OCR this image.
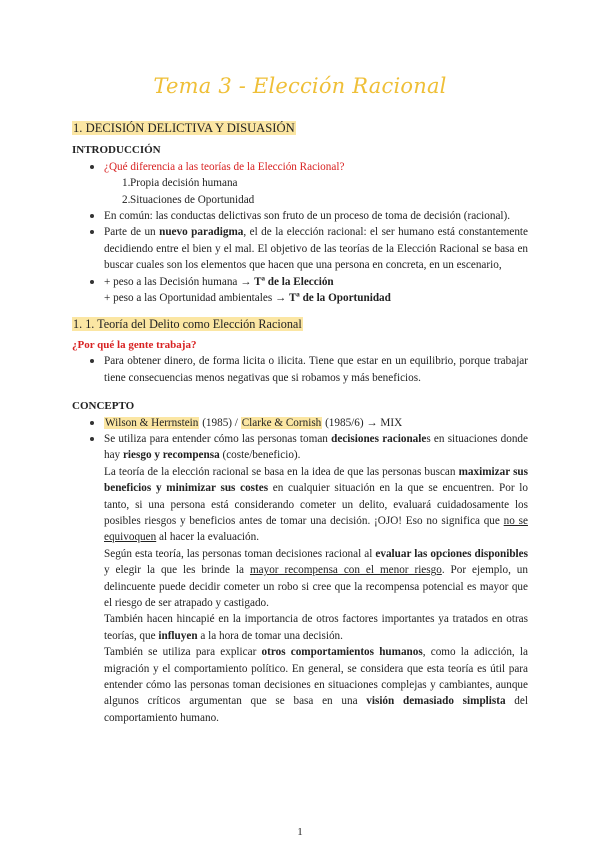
Tema 3 - Elección Racional
1. DECISIÓN DELICTIVA Y DISUASIÓN
INTRODUCCIÓN
¿Qué diferencia a las teorías de la Elección Racional?
1. Propia decisión humana
2. Situaciones de Oportunidad
En común: las conductas delictivas son fruto de un proceso de toma de decisión (racional).
Parte de un nuevo paradigma, el de la elección racional: el ser humano está constantemente decidiendo entre el bien y el mal. El objetivo de las teorías de la Elección Racional se basa en buscar cuales son los elementos que hacen que una persona en concreta, en un escenario,
+ peso a las Decisión humana → Tª de la Elección
+ peso a las Oportunidad ambientales → Tª de la Oportunidad
1. 1. Teoría del Delito como Elección Racional
¿Por qué la gente trabaja?
Para obtener dinero, de forma licita o ilicita. Tiene que estar en un equilibrio, porque trabajar tiene consecuencias menos negativas que si robamos y más beneficios.
CONCEPTO
Wilson & Herrnstein (1985) / Clarke & Cornish (1985/6) → MIX
Se utiliza para entender cómo las personas toman decisiones racionales en situaciones donde hay riesgo y recompensa (coste/beneficio).
La teoría de la elección racional se basa en la idea de que las personas buscan maximizar sus beneficios y minimizar sus costes en cualquier situación en la que se encuentren. Por lo tanto, si una persona está considerando cometer un delito, evaluará cuidadosamente los posibles riesgos y beneficios antes de tomar una decisión. ¡OJO! Eso no significa que no se equivoquen al hacer la evaluación.
Según esta teoría, las personas toman decisiones racional al evaluar las opciones disponibles y elegir la que les brinde la mayor recompensa con el menor riesgo. Por ejemplo, un delincuente puede decidir cometer un robo si cree que la recompensa potencial es mayor que el riesgo de ser atrapado y castigado.
También hacen hincapié en la importancia de otros factores importantes ya tratados en otras teorías, que influyen a la hora de tomar una decisión.
También se utiliza para explicar otros comportamientos humanos, como la adicción, la migración y el comportamiento político. En general, se considera que esta teoría es útil para entender cómo las personas toman decisiones en situaciones complejas y cambiantes, aunque algunos críticos argumentan que se basa en una visión demasiado simplista del comportamiento humano.
1
